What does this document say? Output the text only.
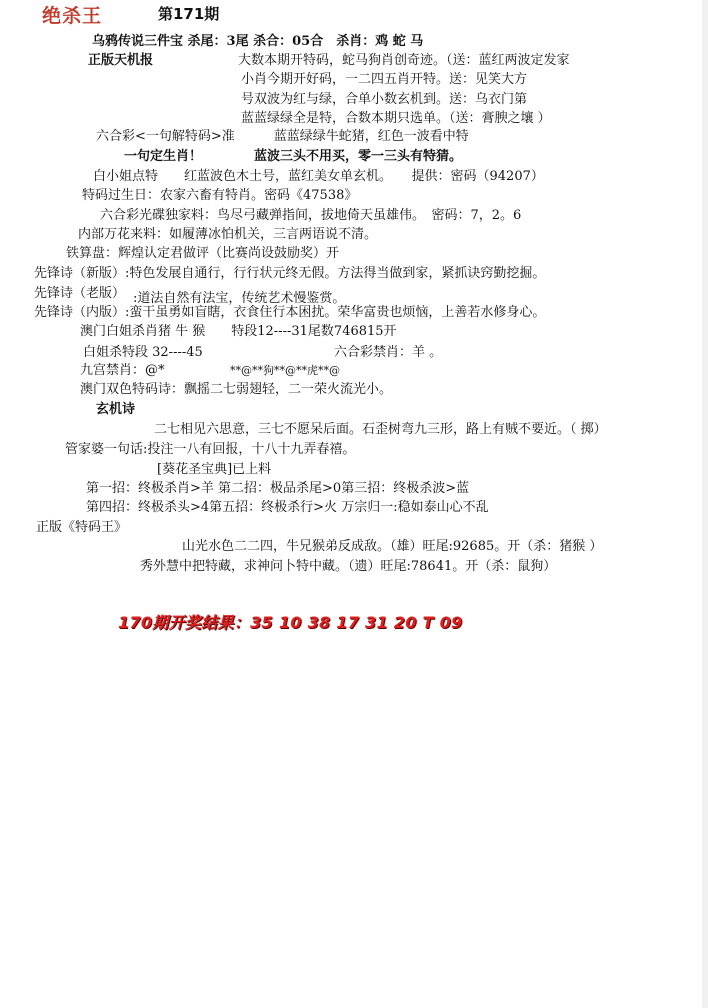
绝杀王	第171期
乌鸦传说三件宝 杀尾：3尾 杀合：05合　杀肖：鸡 蛇 马
正版天机报	大数本期开特码，蛇马狗肖创奇迹。（送：蓝红两波定发家
小肖今期开好码，一二四五肖开特。送：见笑大方
号双波为红与绿，合单小数玄机到。送：乌衣门第
蓝蓝绿绿全是特，合数本期只选单。（送：膏腴之壤 ）
六合彩<一句解特码>准　　　蓝蓝绿绿牛蛇猪，红色一波看中特
一句定生肖！　　　　蓝波三头不用买，零一三头有特猜。
白小姐点特　　红蓝波色木土号，蓝红美女单玄机。　　提供：密码（94207）
特码过生日：农家六畜有特肖。密码《47538》
六合彩光碟独家料：鸟尽弓藏弹指间，拔地倚天虽雄伟。　密码：7，2。6
内部万花来料：如履薄冰怕机关，三言两语说不清。
铁算盘：辉煌认定君做评（比赛尚设鼓励奖）开
先锋诗（新版）:特色发展自通行，行行状元终无假。方法得当做到家，紧抓诀窍勤挖掘。
先锋诗（老版） :道法自然有法宝，传统艺术慢鉴赏。
先锋诗（内版）:蛮干虽勇如盲瞎，衣食住行本困扰。荣华富贵也烦恼，上善若水修身心。
澳门白姐杀肖猪 牛 猴　　特段12----31尾数746815开
白姐杀特段 32----45	六合彩禁肖：羊 。
九宫禁肖：@*	**@**狗**@**虎**@
澳门双色特码诗：飘摇二七弱翅轻，二一荣火流光小。
玄机诗
二七相见六思意，三七不愿呆后面。石歪树弯九三形，路上有贼不要近。（ 掷）
管家婆一句话:投注一八有回报，十八十九弄春禧。
[葵花圣宝典]已上料
第一招：终极杀肖>羊 第二招：极品杀尾>0第三招：终极杀波>蓝
第四招：终极杀头>4第五招：终极杀行>火 万宗归一:稳如泰山心不乱
正版《特码王》
山光水色二二四，牛兄猴弟反成敌。（雄）旺尾:92685。开（杀：猪猴 ）
秀外慧中把特藏，求神问卜特中藏。（遗）旺尾:78641。开（杀：鼠狗）
170期开奖结果：35 10 38 17 31 20 T 09
